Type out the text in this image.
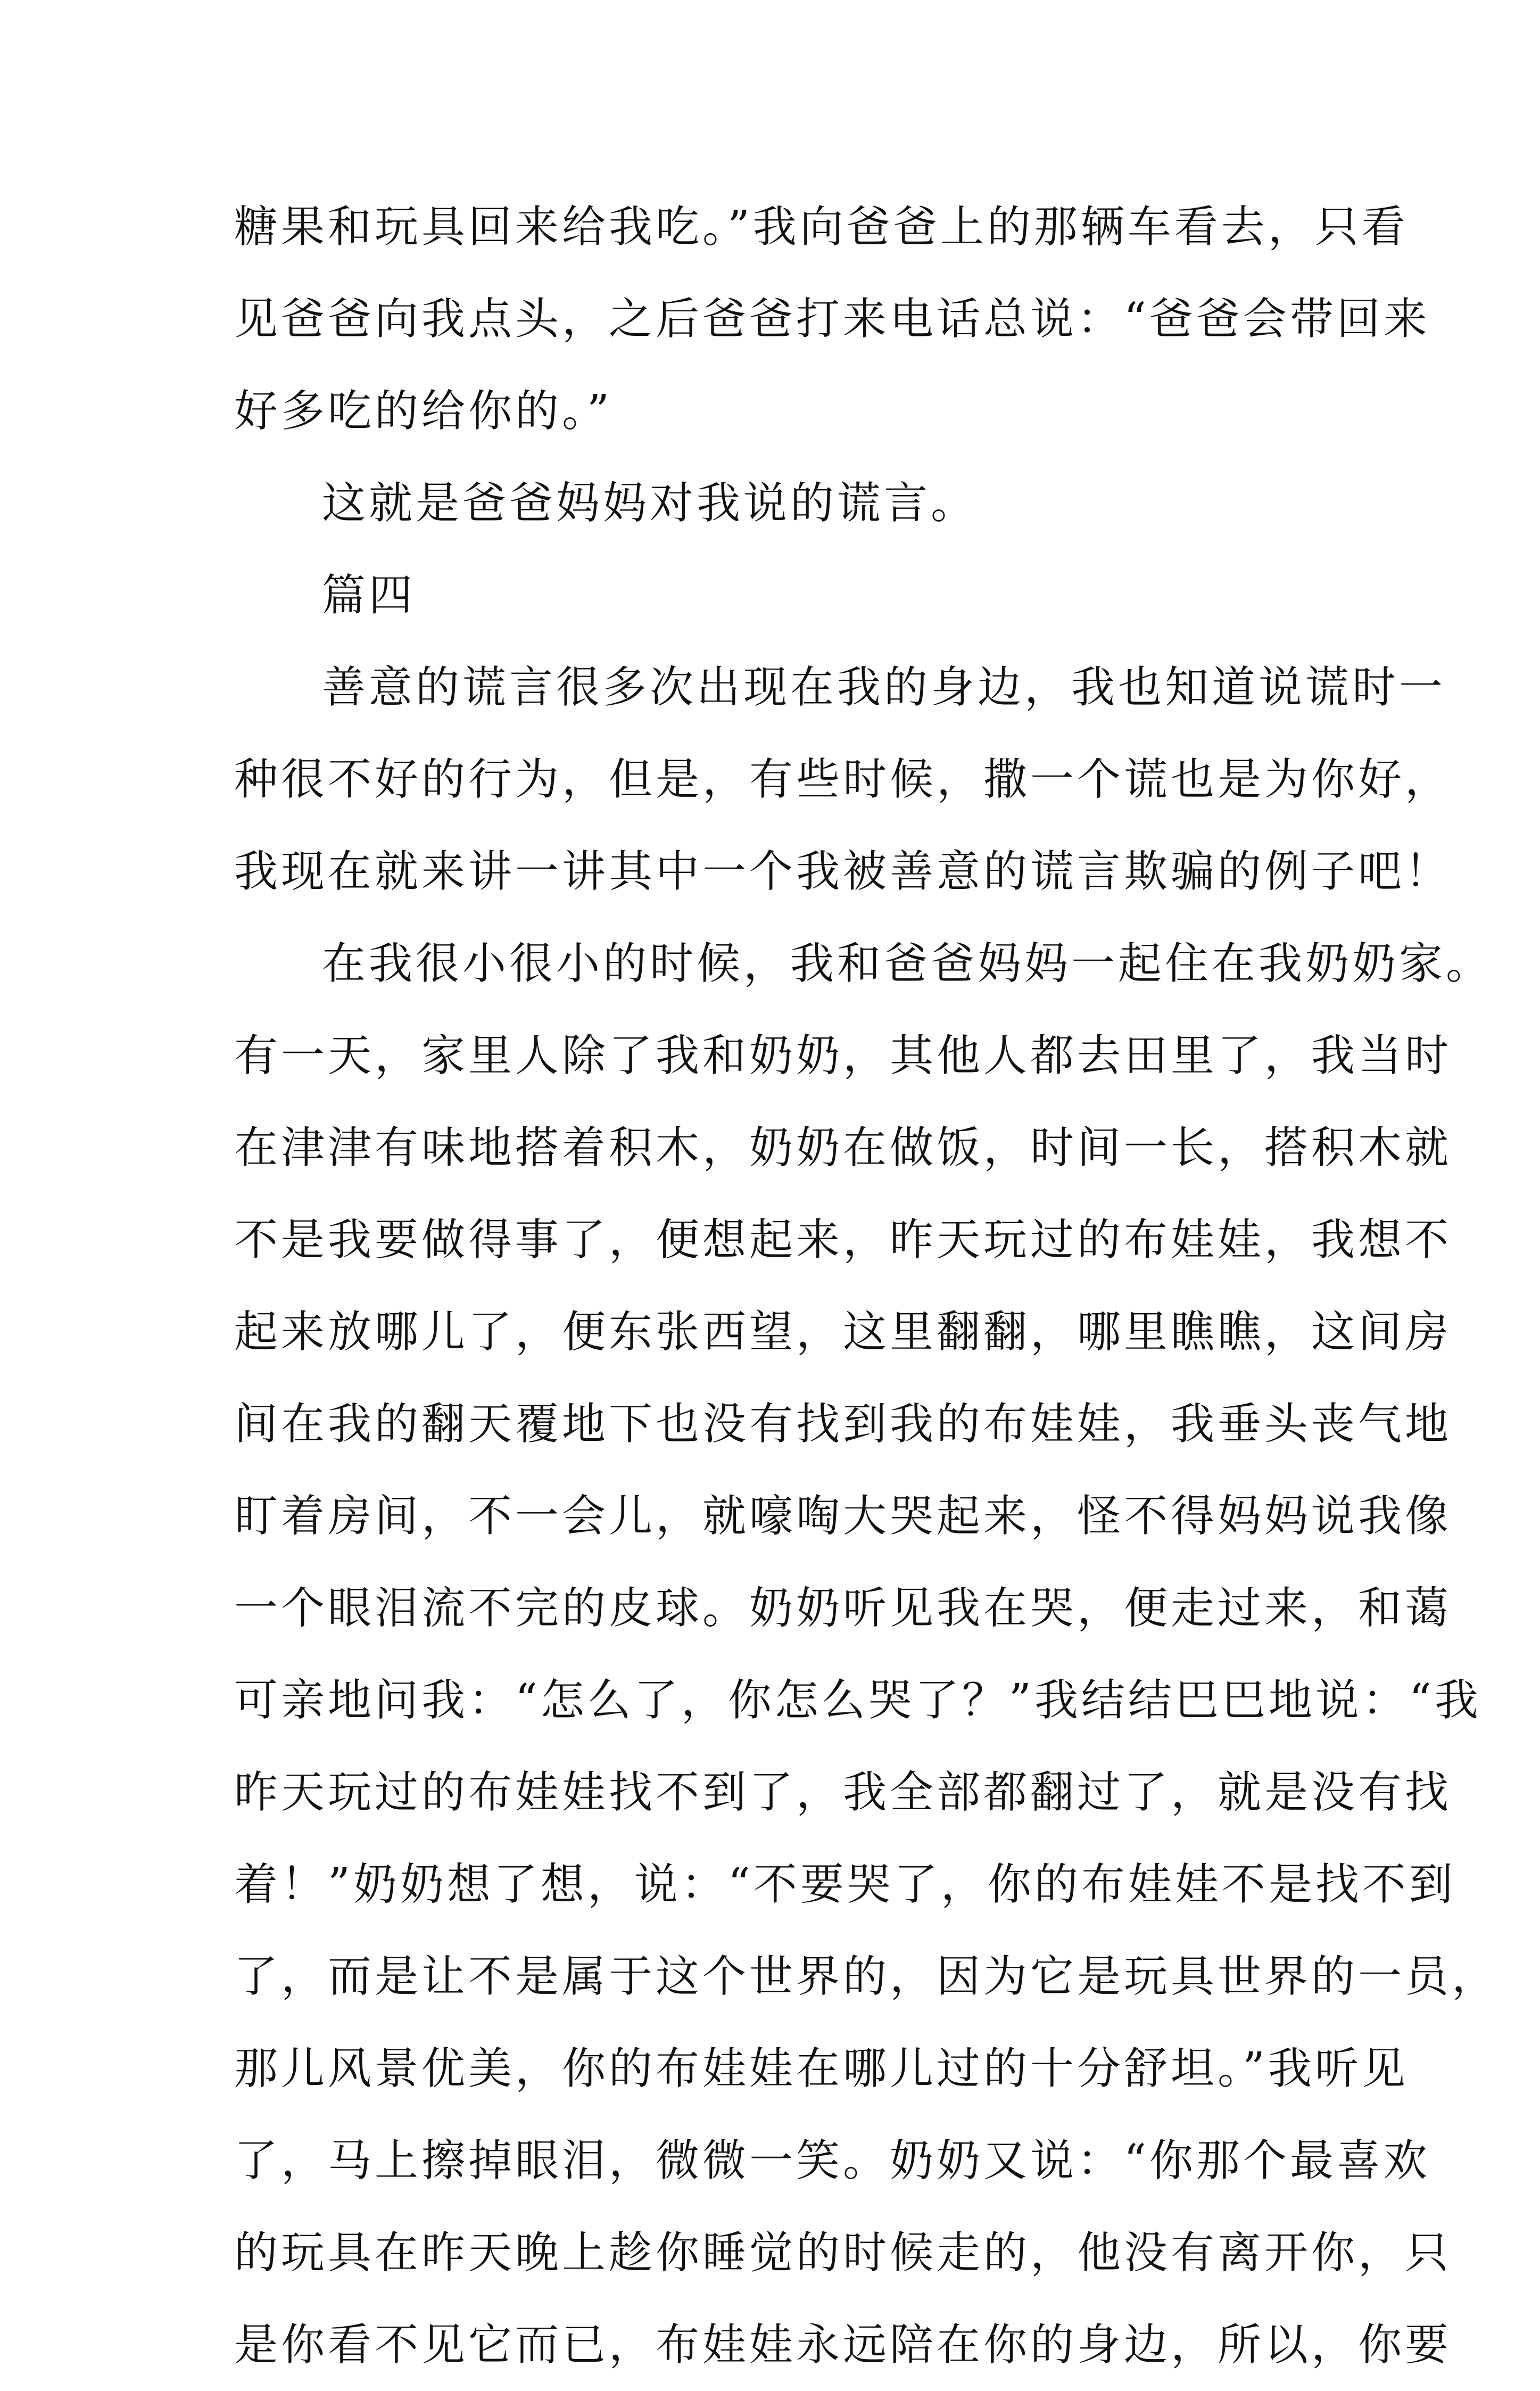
糖果和玩具回来给我吃。”我向爸爸上的那辆车看去，只看
见爸爸向我点头，之后爸爸打来电话总说：“爸爸会带回来
好多吃的给你的。”
这就是爸爸妈妈对我说的谎言。
篇四
善意的谎言很多次出现在我的身边，我也知道说谎时一
种很不好的行为，但是，有些时候，撒一个谎也是为你好，
我现在就来讲一讲其中一个我被善意的谎言欺骗的例子吧！
在我很小很小的时候，我和爸爸妈妈一起住在我奶奶家。
有一天，家里人除了我和奶奶，其他人都去田里了，我当时
在津津有味地搭着积木，奶奶在做饭，时间一长，搭积木就
不是我要做得事了，便想起来，昨天玩过的布娃娃，我想不
起来放哪儿了，便东张西望，这里翻翻，哪里瞧瞧，这间房
间在我的翻天覆地下也没有找到我的布娃娃，我垂头丧气地
盯着房间，不一会儿，就嚎啕大哭起来，怪不得妈妈说我像
一个眼泪流不完的皮球。奶奶听见我在哭，便走过来，和蔼
可亲地问我：“怎么了，你怎么哭了？”我结结巴巴地说：“我
昨天玩过的布娃娃找不到了，我全部都翻过了，就是没有找
着！”奶奶想了想，说：“不要哭了，你的布娃娃不是找不到
了，而是让不是属于这个世界的，因为它是玩具世界的一员，
那儿风景优美，你的布娃娃在哪儿过的十分舒坦。”我听见
了，马上擦掉眼泪，微微一笑。奶奶又说：“你那个最喜欢
的玩具在昨天晚上趁你睡觉的时候走的，他没有离开你，只
是你看不见它而已，布娃娃永远陪在你的身边，所以，你要
